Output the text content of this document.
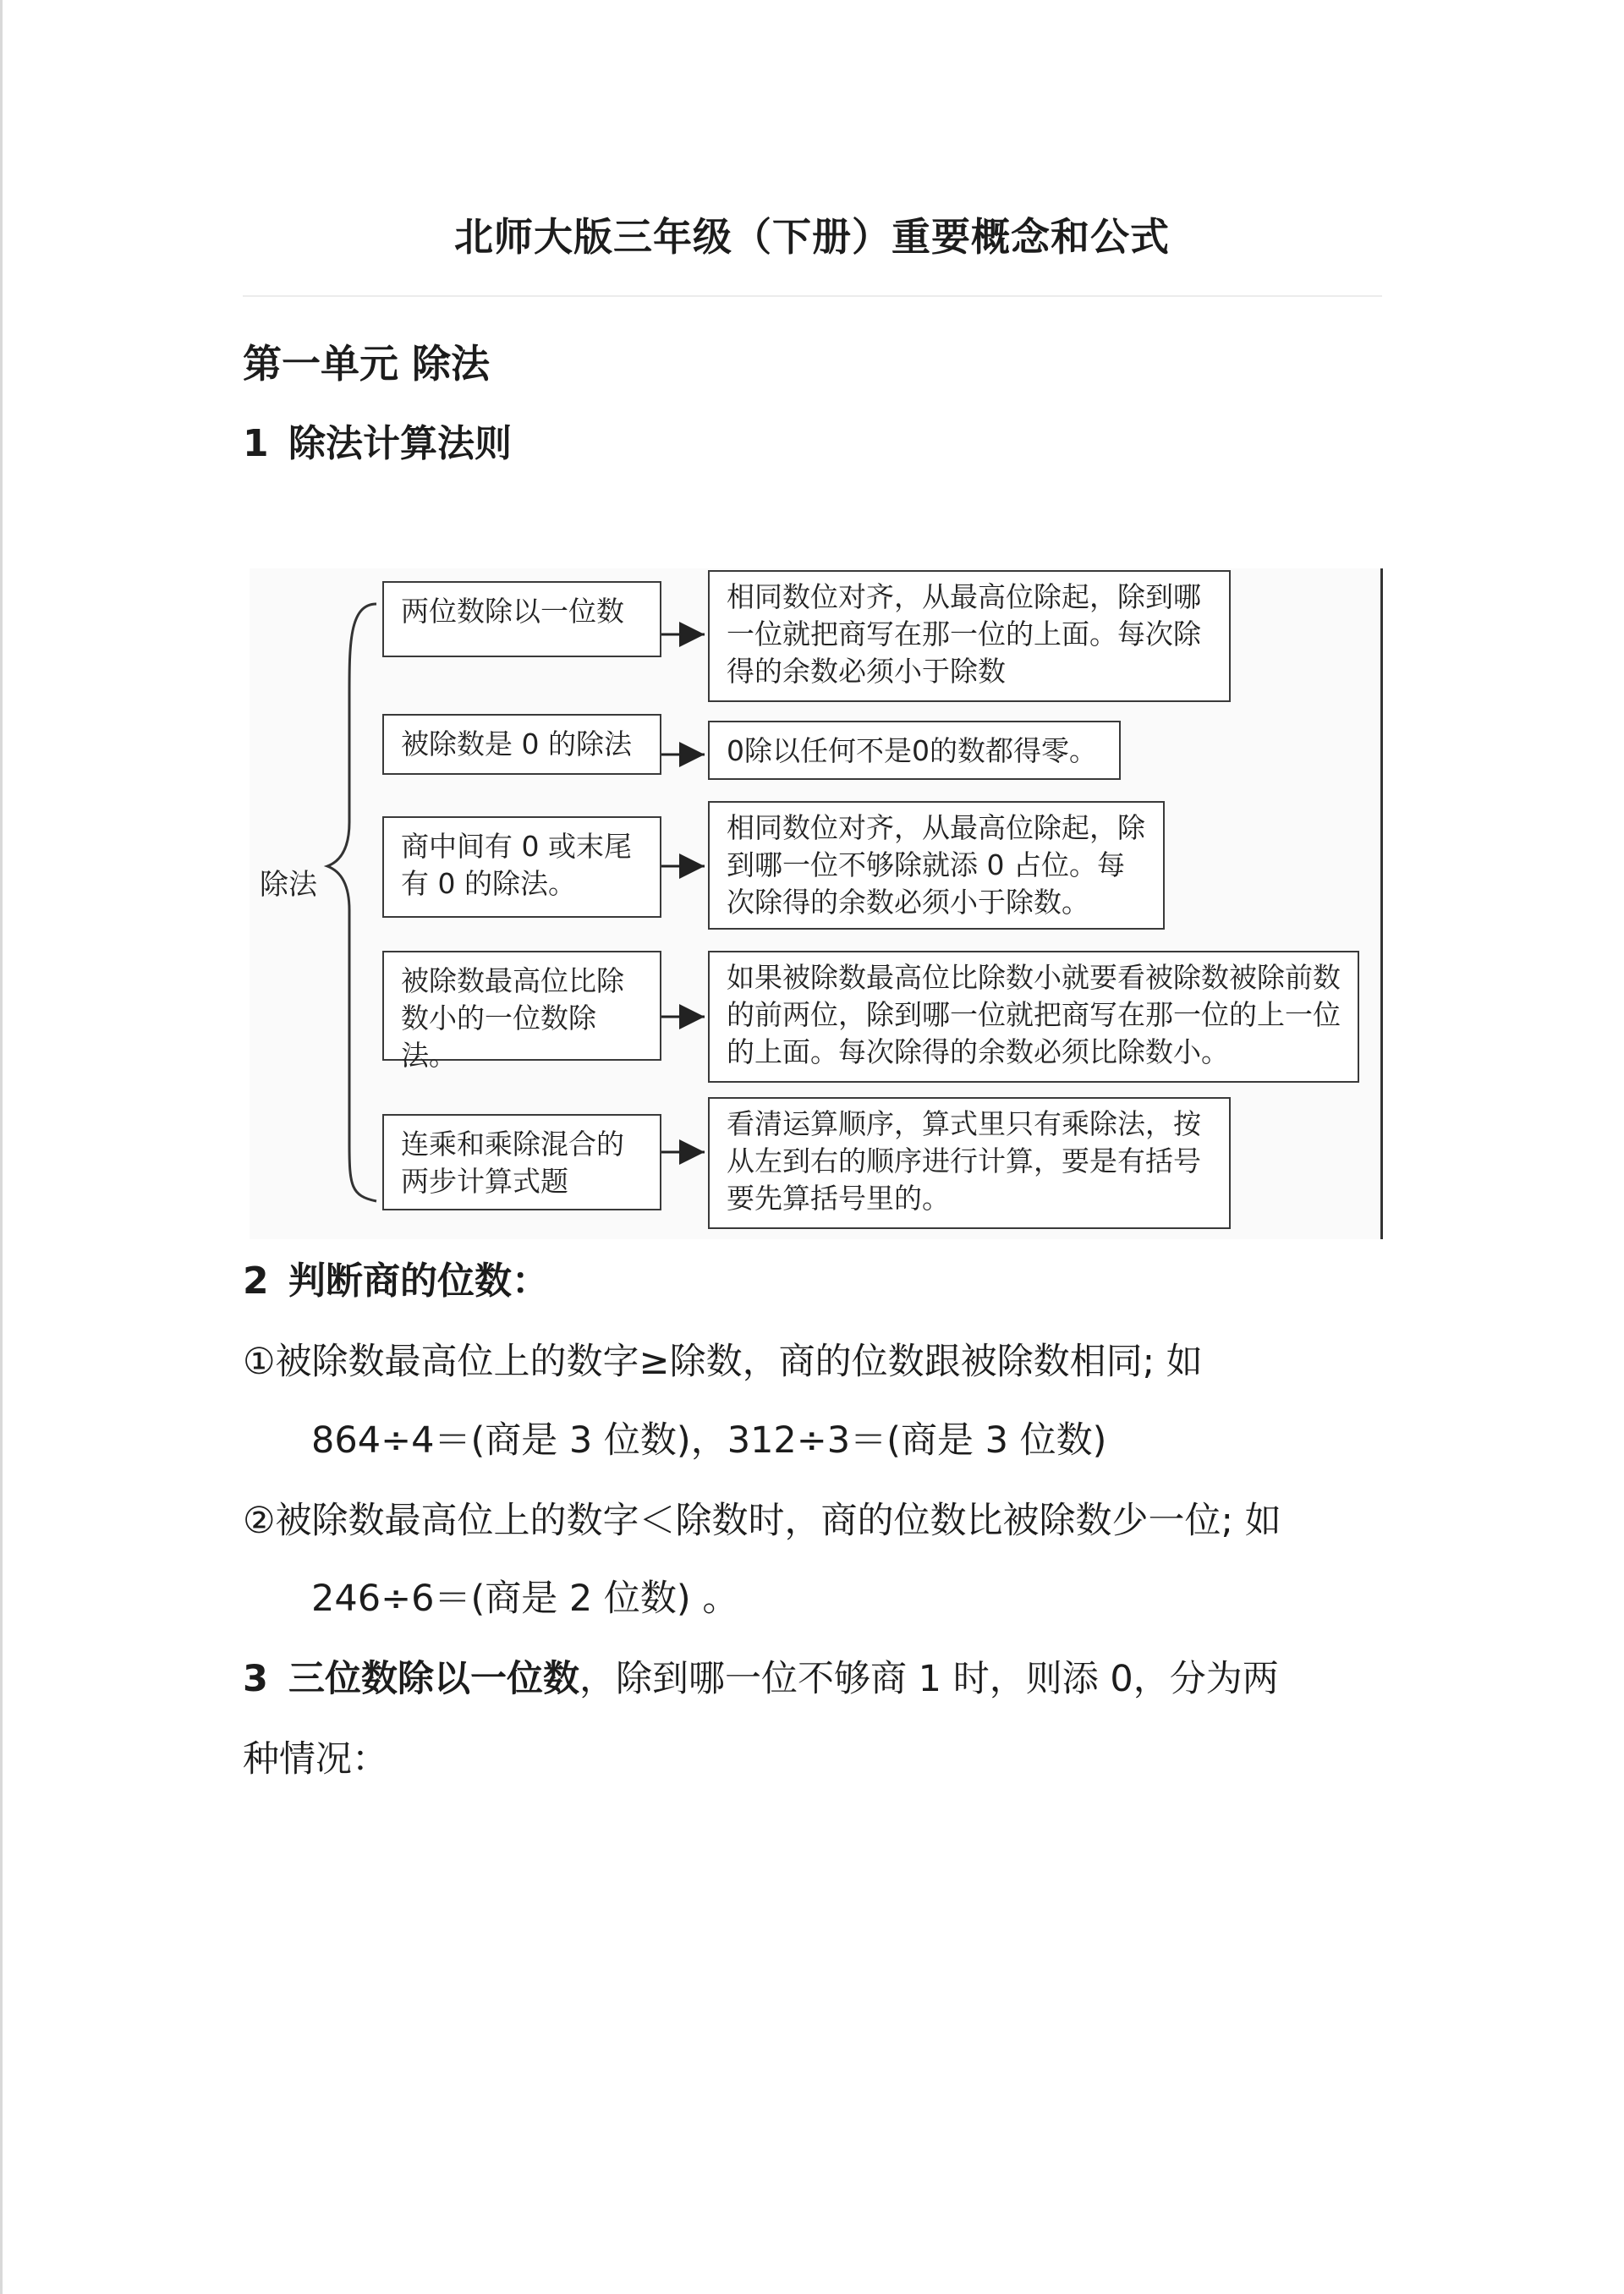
北师大版三年级（下册）重要概念和公式
第一单元 除法
1 除法计算法则
除法
两位数除以一位数	相同数位对齐，从最高位除起，除到哪一位就把商写在那一位的上面。每次除得的余数必须小于除数
被除数是 0 的除法	0除以任何不是0的数都得零。
商中间有 0 或末尾有 0 的除法。
相同数位对齐，从最高位除起，除到哪一位不够除就添 0 占位。每次除得的余数必须小于除数。
被除数最高位比除数小的一位数除法。
如果被除数最高位比除数小就要看被除数被除前数的前两位，除到哪一位就把商写在那一位的上一位的上面。每次除得的余数必须比除数小。
连乘和乘除混合的两步计算式题
看清运算顺序，算式里只有乘除法，按从左到右的顺序进行计算，要是有括号要先算括号里的。
2 判断商的位数：
①被除数最高位上的数字≥除数，商的位数跟被除数相同; 如
864÷4＝(商是 3 位数)，312÷3＝(商是 3 位数)
②被除数最高位上的数字＜除数时，商的位数比被除数少一位; 如
246÷6＝(商是 2 位数) 。
3 三位数除以一位数，除到哪一位不够商 1 时，则添 0，分为两
种情况：
